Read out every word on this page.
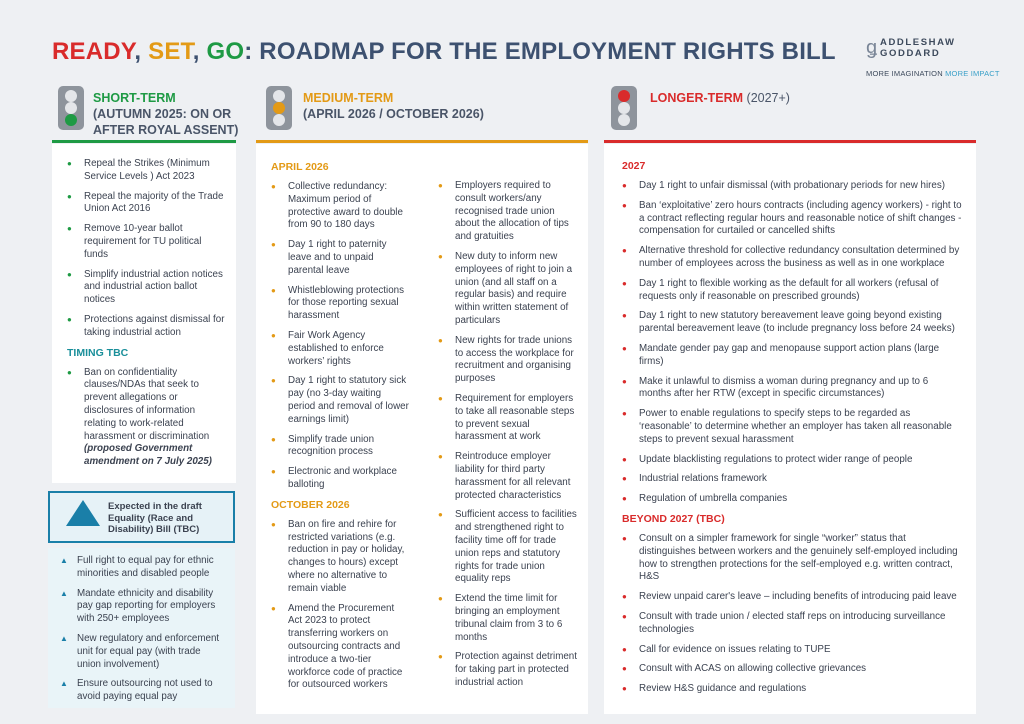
READY, SET, GO: ROADMAP FOR THE EMPLOYMENT RIGHTS BILL ǥ ADDLESHAW
GODDARD
MORE IMAGINATION MORE IMPACT
SHORT-TERM
(AUTUMN 2025: ON OR AFTER ROYAL ASSENT)
MEDIUM-TERM
(APRIL 2026 / OCTOBER 2026)
LONGER-TERM (2027+)
● Repeal the Strikes (Minimum Service Levels ) Act 2023
● Repeal the majority of the Trade Union Act 2016
● Remove 10-year ballot requirement for TU political funds
● Simplify industrial action notices and industrial action ballot notices
● Protections against dismissal for taking industrial action
TIMING TBC
● Ban on confidentiality clauses/NDAs that seek to prevent allegations or disclosures of information relating to work-related harassment or discrimination (proposed Government amendment on 7 July 2025)
Expected in the draft Equality (Race and Disability) Bill (TBC)
▲ Full right to equal pay for ethnic minorities and disabled people
▲ Mandate ethnicity and disability pay gap reporting for employers with 250+ employees
▲ New regulatory and enforcement unit for equal pay (with trade union involvement)
▲ Ensure outsourcing not used to avoid paying equal pay
APRIL 2026
● Collective redundancy: Maximum period of protective award to double from 90 to 180 days
● Day 1 right to paternity leave and to unpaid parental leave
● Whistleblowing protections for those reporting sexual harassment
● Fair Work Agency established to enforce workers’ rights
● Day 1 right to statutory sick pay (no 3-day waiting period and removal of lower earnings limit)
● Simplify trade union recognition process
● Electronic and workplace balloting
OCTOBER 2026
● Ban on fire and rehire for restricted variations (e.g. reduction in pay or holiday, changes to hours) except where no alternative to remain viable
● Amend the Procurement Act 2023 to protect transferring workers on outsourcing contracts and introduce a two-tier workforce code of practice for outsourced workers
● Employers required to consult workers/any recognised trade union about the allocation of tips and gratuities
● New duty to inform new employees of right to join a union (and all staff on a regular basis) and require within written statement of particulars
● New rights for trade unions to access the workplace for recruitment and organising purposes
● Requirement for employers to take all reasonable steps to prevent sexual harassment at work
● Reintroduce employer liability for third party harassment for all relevant protected characteristics
● Sufficient access to facilities and strengthened right to facility time off for trade union reps and statutory rights for trade union equality reps
● Extend the time limit for bringing an employment tribunal claim from 3 to 6 months
● Protection against detriment for taking part in protected industrial action
2027
● Day 1 right to unfair dismissal (with probationary periods for new hires)
● Ban ‘exploitative’ zero hours contracts (including agency workers) - right to a contract reflecting regular hours and reasonable notice of shift changes - compensation for curtailed or cancelled shifts
● Alternative threshold for collective redundancy consultation determined by number of employees across the business as well as in one workplace
● Day 1 right to flexible working as the default for all workers (refusal of requests only if reasonable on prescribed grounds)
● Day 1 right to new statutory bereavement leave going beyond existing parental bereavement leave (to include pregnancy loss before 24 weeks)
● Mandate gender pay gap and menopause support action plans (large firms)
● Make it unlawful to dismiss a woman during pregnancy and up to 6 months after her RTW (except in specific circumstances)
● Power to enable regulations to specify steps to be regarded as ‘reasonable’ to determine whether an employer has taken all reasonable steps to prevent sexual harassment
● Update blacklisting regulations to protect wider range of people
● Industrial relations framework
● Regulation of umbrella companies
BEYOND 2027 (TBC)
● Consult on a simpler framework for single “worker” status that distinguishes between workers and the genuinely self-employed including how to strengthen protections for the self-employed e.g. written contract, H&S
● Review unpaid carer's leave – including benefits of introducing paid leave
● Consult with trade union / elected staff reps on introducing surveillance technologies
● Call for evidence on issues relating to TUPE
● Consult with ACAS on allowing collective grievances
● Review H&S guidance and regulations
